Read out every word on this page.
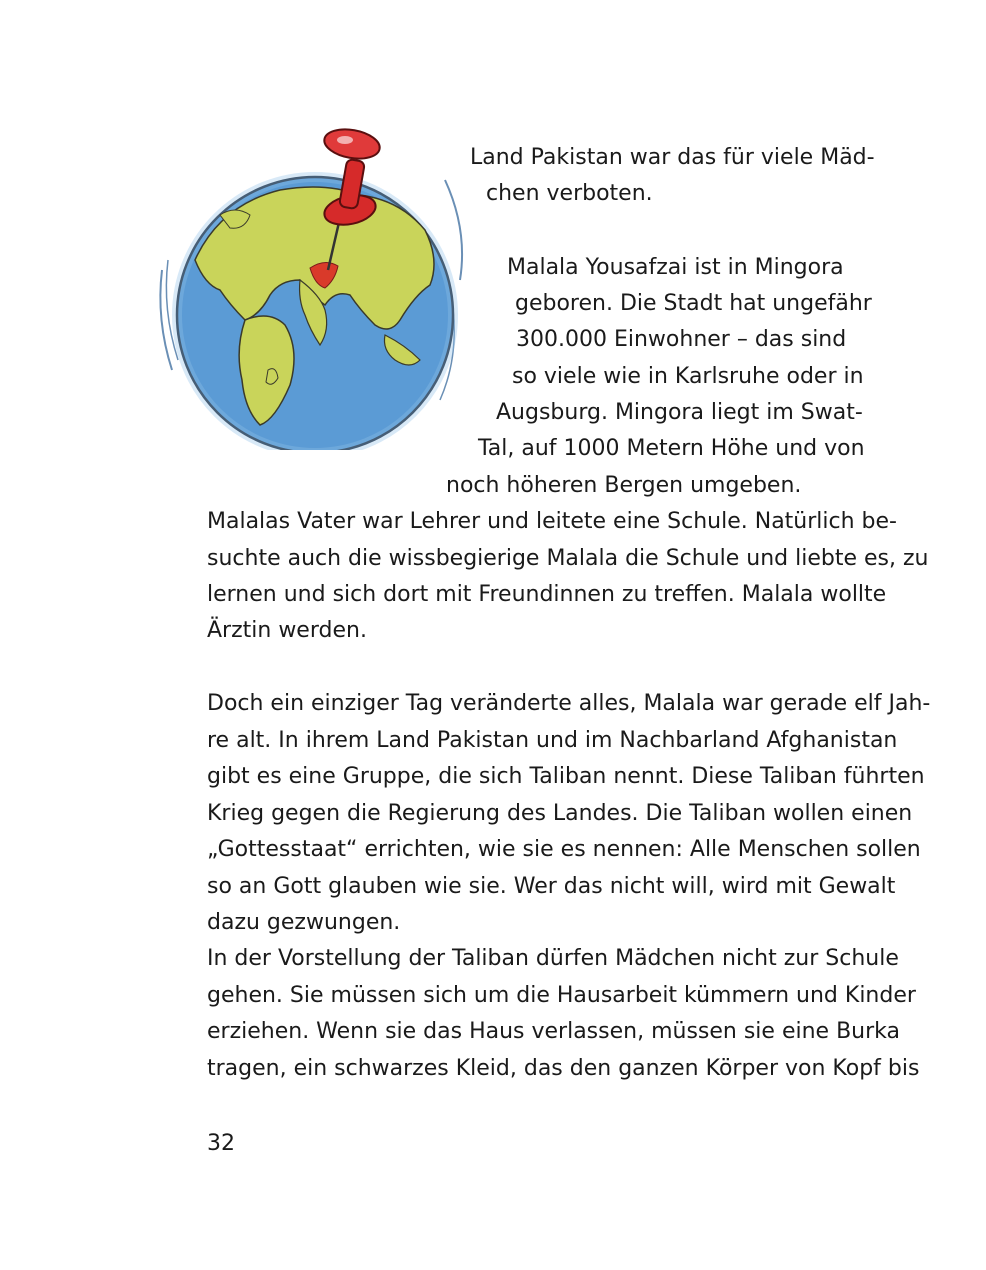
Land Pakistan war das für viele Mäd-
chen verboten.
Malala Yousafzai ist in Mingora
geboren. Die Stadt hat ungefähr
300.000 Einwohner – das sind
so viele wie in Karlsruhe oder in
Augsburg. Mingora liegt im Swat-
Tal, auf 1000 Metern Höhe und von
noch höheren Bergen umgeben.
Malalas Vater war Lehrer und leitete eine Schule. Natürlich be-
suchte auch die wissbegierige Malala die Schule und liebte es, zu
lernen und sich dort mit Freundinnen zu treffen. Malala wollte
Ärztin werden.
Doch ein einziger Tag veränderte alles, Malala war gerade elf Jah-
re alt. In ihrem Land Pakistan und im Nachbarland Afghanistan
gibt es eine Gruppe, die sich Taliban nennt. Diese Taliban führten
Krieg gegen die Regierung des Landes. Die Taliban wollen einen
„Gottesstaat“ errichten, wie sie es nennen: Alle Menschen sollen
so an Gott glauben wie sie. Wer das nicht will, wird mit Gewalt
dazu gezwungen.
In der Vorstellung der Taliban dürfen Mädchen nicht zur Schule
gehen. Sie müssen sich um die Hausarbeit kümmern und Kinder
erziehen. Wenn sie das Haus verlassen, müssen sie eine Burka
tragen, ein schwarzes Kleid, das den ganzen Körper von Kopf bis
32
